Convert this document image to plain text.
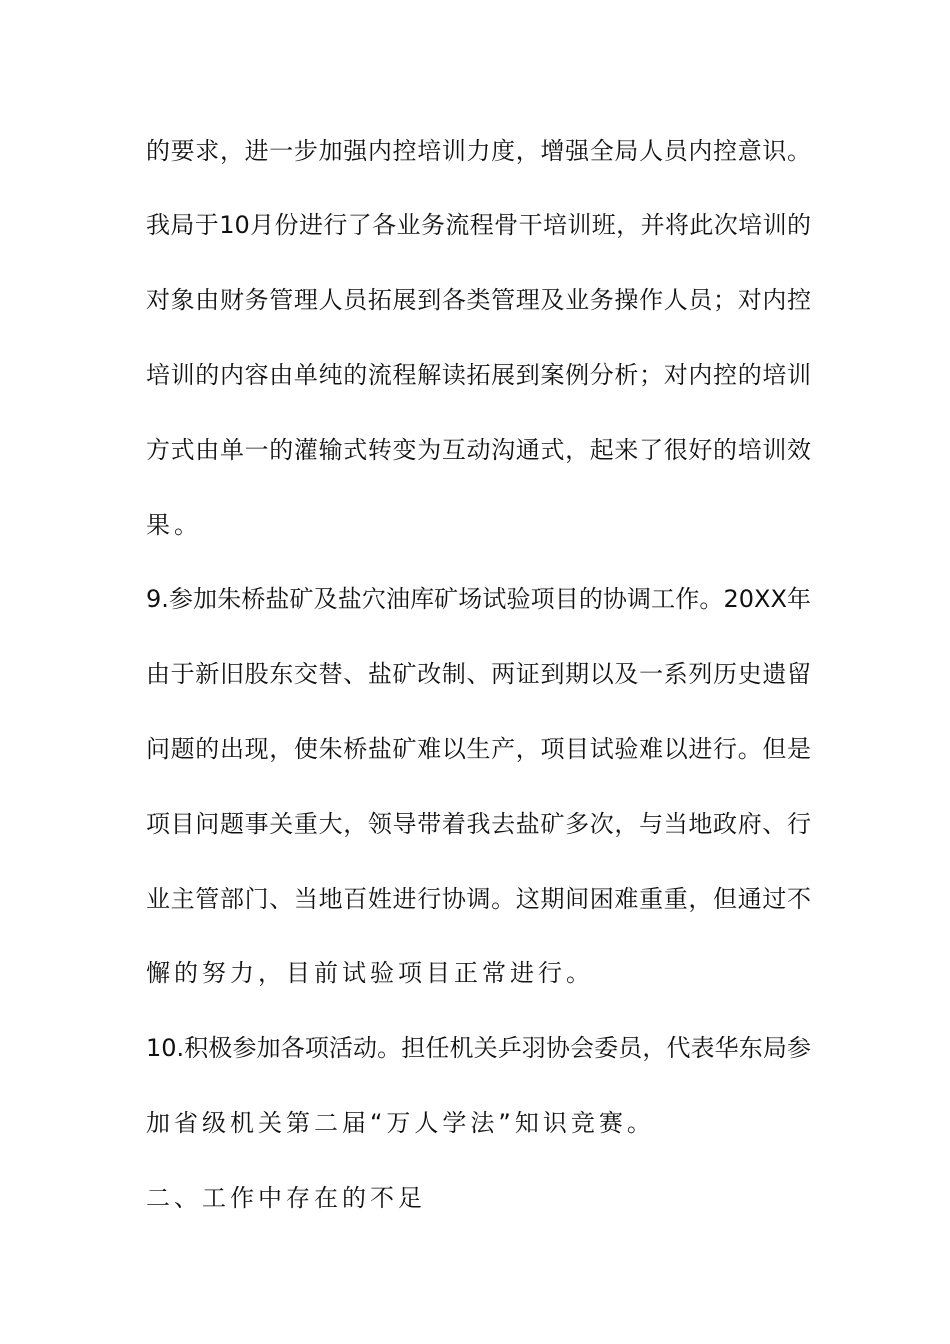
的要求，进一步加强内控培训力度，增强全局人员内控意识。
我局于10月份进行了各业务流程骨干培训班，并将此次培训的
对象由财务管理人员拓展到各类管理及业务操作人员；对内控
培训的内容由单纯的流程解读拓展到案例分析；对内控的培训
方式由单一的灌输式转变为互动沟通式，起来了很好的培训效
果。
9.参加朱桥盐矿及盐穴油库矿场试验项目的协调工作。20XX年
由于新旧股东交替、盐矿改制、两证到期以及一系列历史遗留
问题的出现，使朱桥盐矿难以生产，项目试验难以进行。但是
项目问题事关重大，领导带着我去盐矿多次，与当地政府、行
业主管部门、当地百姓进行协调。这期间困难重重，但通过不
懈的努力，目前试验项目正常进行。
10.积极参加各项活动。担任机关乒羽协会委员，代表华东局参
加省级机关第二届“万人学法”知识竞赛。
二、工作中存在的不足
